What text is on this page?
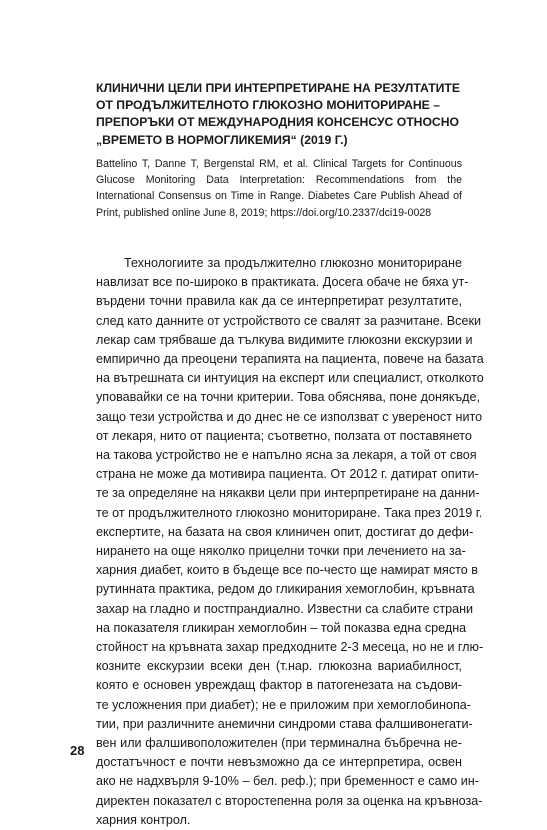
КЛИНИЧНИ ЦЕЛИ ПРИ ИНТЕРПРЕТИРАНЕ НА РЕЗУЛТАТИТЕ
ОТ ПРОДЪЛЖИТЕЛНОТО ГЛЮКОЗНО МОНИТОРИРАНЕ –
ПРЕПОРЪКИ ОТ МЕЖДУНАРОДНИЯ КОНСЕНСУС ОТНОСНО
„ВРЕМЕТО В НОРМОГЛИКЕМИЯ“ (2019 Г.)
Battelino T, Danne T, Bergenstal RM, et al. Clinical Targets for Continuous Glucose Monitoring Data Interpretation: Recommendations from the International Consensus on Time in Range. Diabetes Care Publish Ahead of Print, published online June 8, 2019; https://doi.org/10.2337/dci19-0028
Технологиите за продължително глюкозно мониториране
навлизат все по-широко в практиката. Досега обаче не бяха ут-
върдени точни правила как да се интерпретират резултатите,
след като данните от устройството се свалят за разчитане. Всеки
лекар сам трябваше да тълкува видимите глюкозни екскурзии и
емпирично да преоцени терапията на пациента, повече на базата
на вътрешната си интуиция на експерт или специалист, отколкото
уповавайки се на точни критерии. Това обяснява, поне донякъде,
защо тези устройства и до днес не се използват с увереност нито
от лекаря, нито от пациента; съответно, ползата от поставянето
на такова устройство не е напълно ясна за лекаря, а той от своя
страна не може да мотивира пациента. От 2012 г. датират опити-
те за определяне на някакви цели при интерпретиране на данни-
те от продължителното глюкозно мониториране. Така през 2019 г.
експертите, на базата на своя клиничен опит, достигат до дефи-
нирането на още няколко прицелни точки при лечението на за-
харния диабет, които в бъдеще все по-често ще намират място в
рутинната практика, редом до гликирания хемоглобин, кръвната
захар на гладно и постпрандиално. Известни са слабите страни
на показателя гликиран хемоглобин – той показва една средна
стойност на кръвната захар предходните 2-3 месеца, но не и глю-
козните екскурзии всеки ден (т.нар. глюкозна вариабилност,
която е основен увреждащ фактор в патогенезата на съдови-
те усложнения при диабет); не е приложим при хемоглобинопа-
тии, при различните анемични синдроми става фалшивонегати-
вен или фалшивоположителен (при терминална бъбречна не-
достатъчност е почти невъзможно да се интерпретира, освен
ако не надхвърля 9-10% – бел. реф.); при бременност е само ин-
директен показател с второстепенна роля за оценка на кръвноза-
харния контрол.
28
